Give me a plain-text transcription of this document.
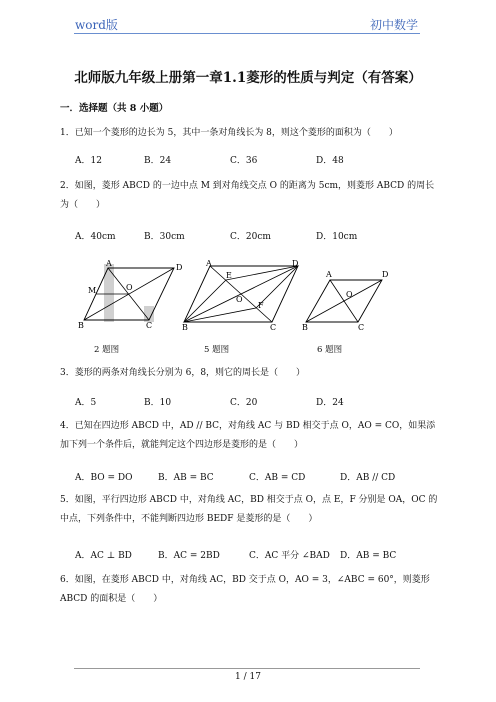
word版	初中数学
北师版九年级上册第一章1.1菱形的性质与判定（有答案）
一．选择题（共 8 小题）
1．已知一个菱形的边长为 5，其中一条对角线长为 8，则这个菱形的面积为（　　）
A．12	B．24	C．36	D．48
2．如图，菱形 ABCD 的一边中点 M 到对角线交点 O 的距离为 5cm，则菱形 ABCD 的周长为（　　）
A．40cm	B．30cm	C．20cm	D．10cm
A	D
M	O
B	C
A	D
E
O
F
B	C
A	D
O
B	C
2 题图	5 题图	6 题图
3．菱形的两条对角线长分别为 6，8，则它的周长是（　　）
A．5	B．10	C．20	D．24
4．已知在四边形 ABCD 中，AD // BC，对角线 AC 与 BD 相交于点 O，AO = CO，如果添加下列一个条件后，就能判定这个四边形是菱形的是（　　）
A．BO = DO	B．AB = BC	C．AB = CD	D．AB // CD
5．如图，平行四边形 ABCD 中，对角线 AC，BD 相交于点 O，点 E，F 分别是 OA，OC 的中点，下列条件中，不能判断四边形 BEDF 是菱形的是（　　）
A．AC ⊥ BD	B．AC = 2BD	C．AC 平分 ∠BAD D．AB = BC
6．如图，在菱形 ABCD 中，对角线 AC，BD 交于点 O，AO = 3，∠ABC = 60°，则菱形 ABCD 的面积是（　　）
1 / 17
